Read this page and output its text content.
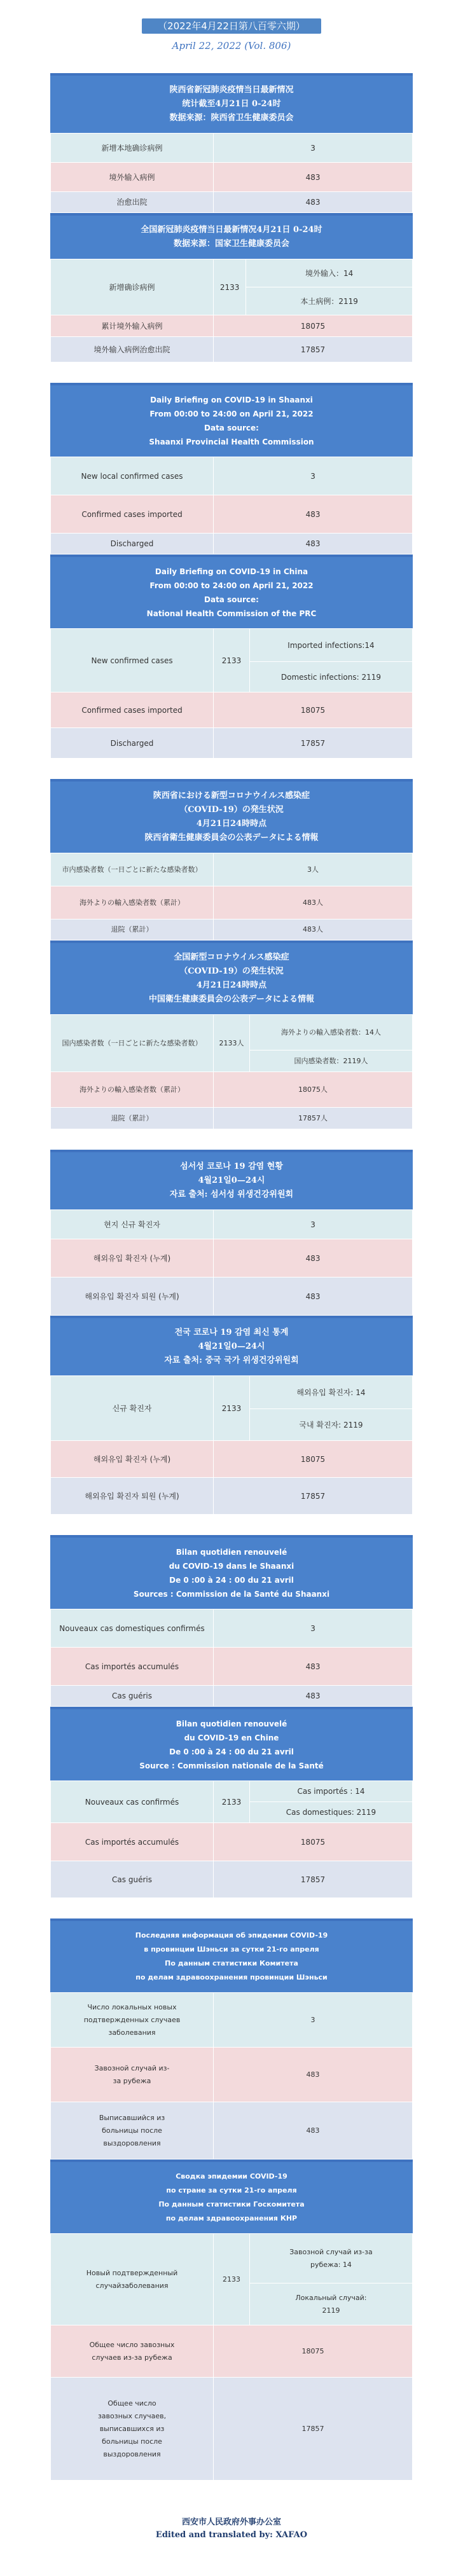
（2022年4月22日第八百零六期）
April 22, 2022 (Vol. 806)
陕西省新冠肺炎疫情当日最新情况
统计截至4月21日 0-24时
数据来源：陕西省卫生健康委员会
新增本地确诊病例	3
境外输入病例	483
治愈出院	483
全国新冠肺炎疫情当日最新情况4月21日 0-24时
数据来源：国家卫生健康委员会
新增确诊病例	2133	境外输入：14
		本土病例：2119
累计境外输入病例	18075	
境外输入病例治愈出院	17857	
Daily Briefing on COVID-19 in Shaanxi
From 00:00 to 24:00 on April 21, 2022
Data source:
Shaanxi Provincial Health Commission
New local confirmed cases	3
Confirmed cases imported	483
Discharged	483
Daily Briefing on COVID-19 in China
From 00:00 to 24:00 on April 21, 2022
Data source:
National Health Commission of the PRC
New confirmed cases	2133	Imported infections:14
		Domestic infections: 2119
Confirmed cases imported	18075	
Discharged	17857	
陝西省における新型コロナウイルス感染症
（COVID-19）の発生状況
4月21日24時時点
陝西省衛生健康委員会の公表データによる情報
市内感染者数（一日ごとに新たな感染者数）	3人
海外よりの輸入感染者数（累計）	483人
退院（累計）	483人
全国新型コロナウイルス感染症
（COVID-19）の発生状況
4月21日24時時点
中国衛生健康委員会の公表データによる情報
国内感染者数（一日ごとに新たな感染者数）	2133人	海外よりの輸入感染者数：14人
		国内感染者数：2119人
海外よりの輸入感染者数（累計）	18075人	
退院（累計）	17857人	
섬서성 코로나 19 감염 현황
4월21일0—24시
자료 출처: 섬서성 위생건강위원회
현지 신규 확진자	3
해외유입 확진자 (누계)	483
해외유입 확진자 퇴원 (누계)	483
전국 코로나 19 감염 최신 통계
4월21일0—24시
자료 출처: 중국 국가 위생건강위원회
신규 확진자	2133	해외유입 확진자: 14
		국내 확진자: 2119
해외유입 확진자 (누계)	18075	
해외유입 확진자 퇴원 (누계)	17857	
Bilan quotidien renouvelé
du COVID-19 dans le Shaanxi
De 0 :00 à 24 : 00 du 21 avril
Sources : Commission de la Santé du Shaanxi
Nouveaux cas domestiques confirmés	3
Cas importés accumulés	483
Cas guéris	483
Bilan quotidien renouvelé
du COVID-19 en Chine
De 0 :00 à 24 : 00 du 21 avril
Source : Commission nationale de la Santé
Nouveaux cas confirmés	2133	Cas importés : 14
		Cas domestiques: 2119
Cas importés accumulés	18075	
Cas guéris	17857	
Последняя информация об эпидемии COVID-19
в провинции Шэньси за сутки 21-го апреля
По данным статистики Комитета
по делам здравоохранения провинции Шэньси
Число локальных новых подтвержденных случаев заболевания	3
Завозной случай из-за рубежа	483
Выписавшийся из больницы после выздоровления	483
Сводка эпидемии COVID-19
по стране за сутки 21-го апреля
По данным статистики Госкомитета
по делам здравоохранения КНР
Новый подтвержденный случайзаболевания	2133	Завозной случай из-за рубежа: 14
		Локальный случай: 2119
Общее число завозных случаев из-за рубежа	18075	
Общее число завозных случаев, выписавшихся из больницы после выздоровления	17857	
西安市人民政府外事办公室
Edited and translated by: XAFAO
